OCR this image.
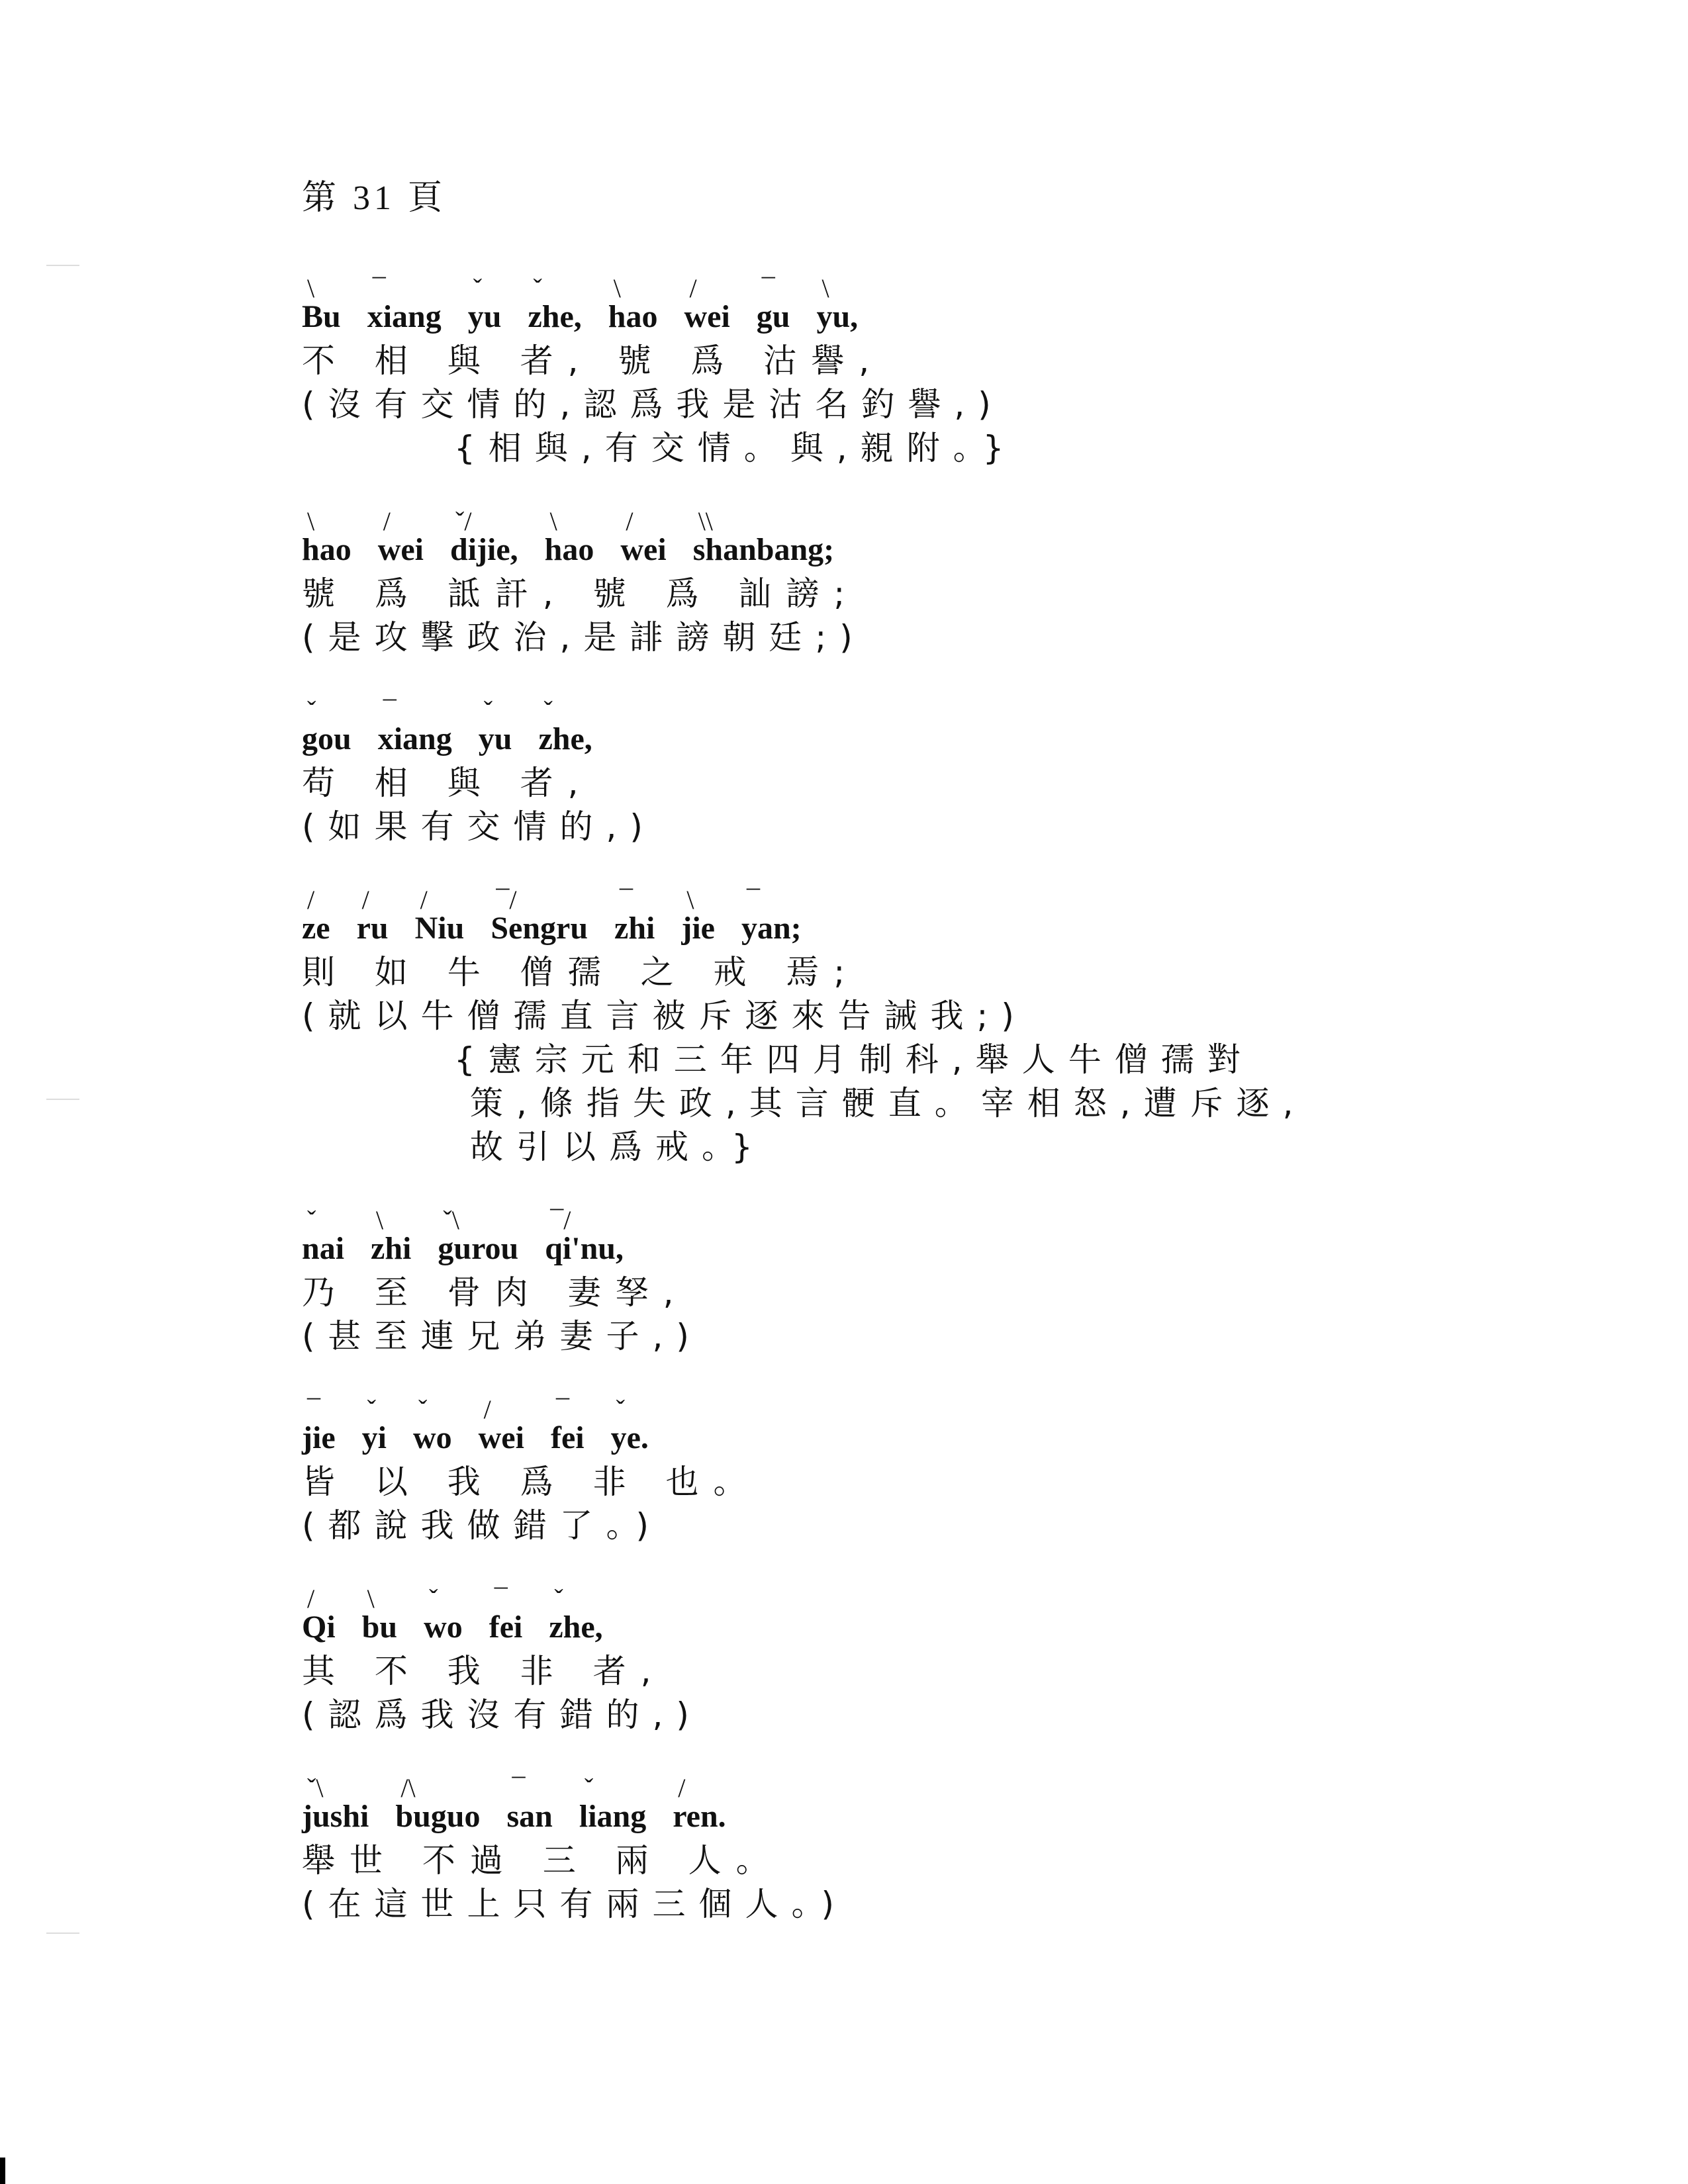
第 31 頁
Bu
\
xiang
¯
yu
ˇ
zhe,
ˇ
hao
\
wei
/
gu
¯
yu,
\
不 相 與 者, 號 爲 沽譽,
(沒有交情的,認爲我是沽名釣譽,)
{相與,有交情。與,親附。}
hao
\
wei
/
dijie,
ˇ/
hao
\
wei
/
shanbang;
\\
號 爲 詆訐, 號 爲 訕謗;
(是攻擊政治,是誹謗朝廷;)
gou
ˇ
xiang
¯
yu
ˇ
zhe,
ˇ
苟 相 與 者,
(如果有交情的,)
ze
/
ru
/
Niu
/
Sengru
¯/
zhi
¯
jie
\
yan;
¯
則 如 牛 僧孺 之 戒 焉;
(就以牛僧孺直言被斥逐來告誡我;)
{憲宗元和三年四月制科,舉人牛僧孺對
策,條指失政,其言骾直。宰相怒,遭斥逐,
故引以爲戒。}
nai
ˇ
zhi
\
gurou
ˇ\
qi'nu,
¯/
乃 至 骨肉 妻孥,
(甚至連兄弟妻子,)
jie
¯
yi
ˇ
wo
ˇ
wei
/
fei
¯
ye.
ˇ
皆 以 我 爲 非 也。
(都說我做錯了。)
Qi
/
bu
\
wo
ˇ
fei
¯
zhe,
ˇ
其 不 我 非 者,
(認爲我沒有錯的,)
jushi
ˇ\
buguo
/\
san
¯
liang
ˇ
ren.
/
舉世 不過 三 兩 人。
(在這世上只有兩三個人。)
